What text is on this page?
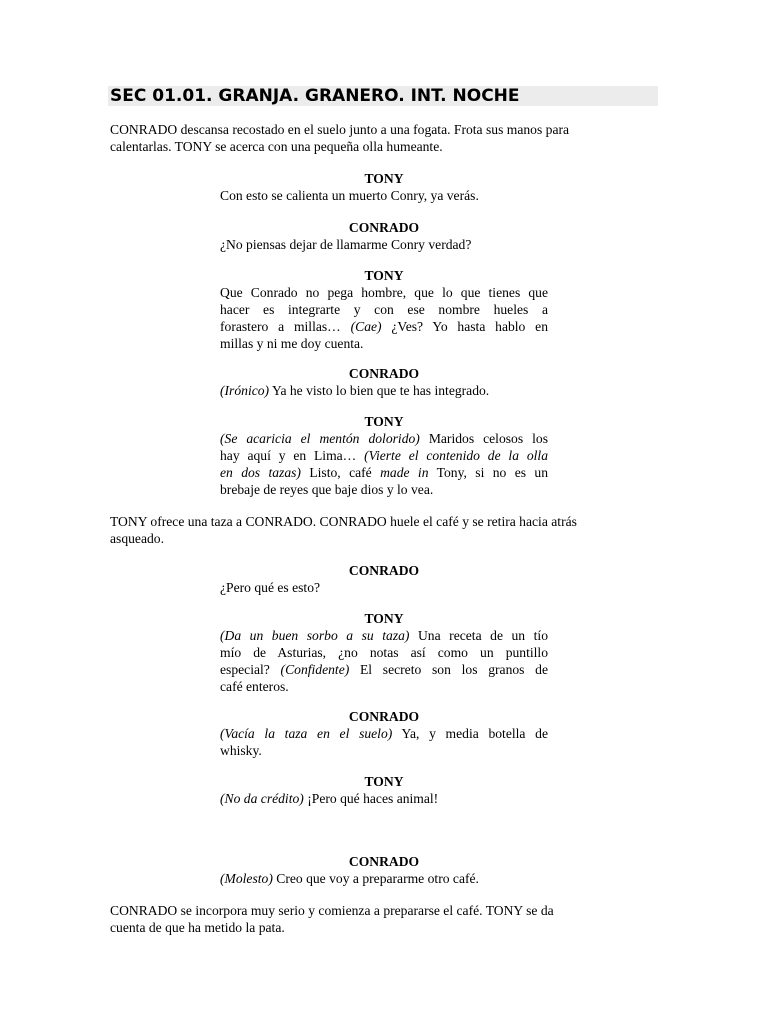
SEC 01.01. GRANJA. GRANERO. INT. NOCHE
CONRADO descansa recostado en el suelo junto a una fogata. Frota sus manos para
calentarlas. TONY se acerca con una pequeña olla humeante.
TONY
Con esto se calienta un muerto Conry, ya verás.
CONRADO
¿No piensas dejar de llamarme Conry verdad?
TONY
Que Conrado no pega hombre, que lo que tienes que
hacer es integrarte y con ese nombre hueles a
forastero a millas… (Cae) ¿Ves? Yo hasta hablo en
millas y ni me doy cuenta.
CONRADO
(Irónico) Ya he visto lo bien que te has integrado.
TONY
(Se acaricia el mentón dolorido) Maridos celosos los
hay aquí y en Lima… (Vierte el contenido de la olla
en dos tazas) Listo, café made in Tony, si no es un
brebaje de reyes que baje dios y lo vea.
TONY ofrece una taza a CONRADO. CONRADO huele el café y se retira hacia atrás
asqueado.
CONRADO
¿Pero qué es esto?
TONY
(Da un buen sorbo a su taza) Una receta de un tío
mío de Asturias, ¿no notas así como un puntillo
especial? (Confidente) El secreto son los granos de
café enteros.
CONRADO
(Vacía la taza en el suelo) Ya, y media botella de
whisky.
TONY
(No da crédito) ¡Pero qué haces animal!
CONRADO
(Molesto) Creo que voy a prepararme otro café.
CONRADO se incorpora muy serio y comienza a prepararse el café. TONY se da
cuenta de que ha metido la pata.
